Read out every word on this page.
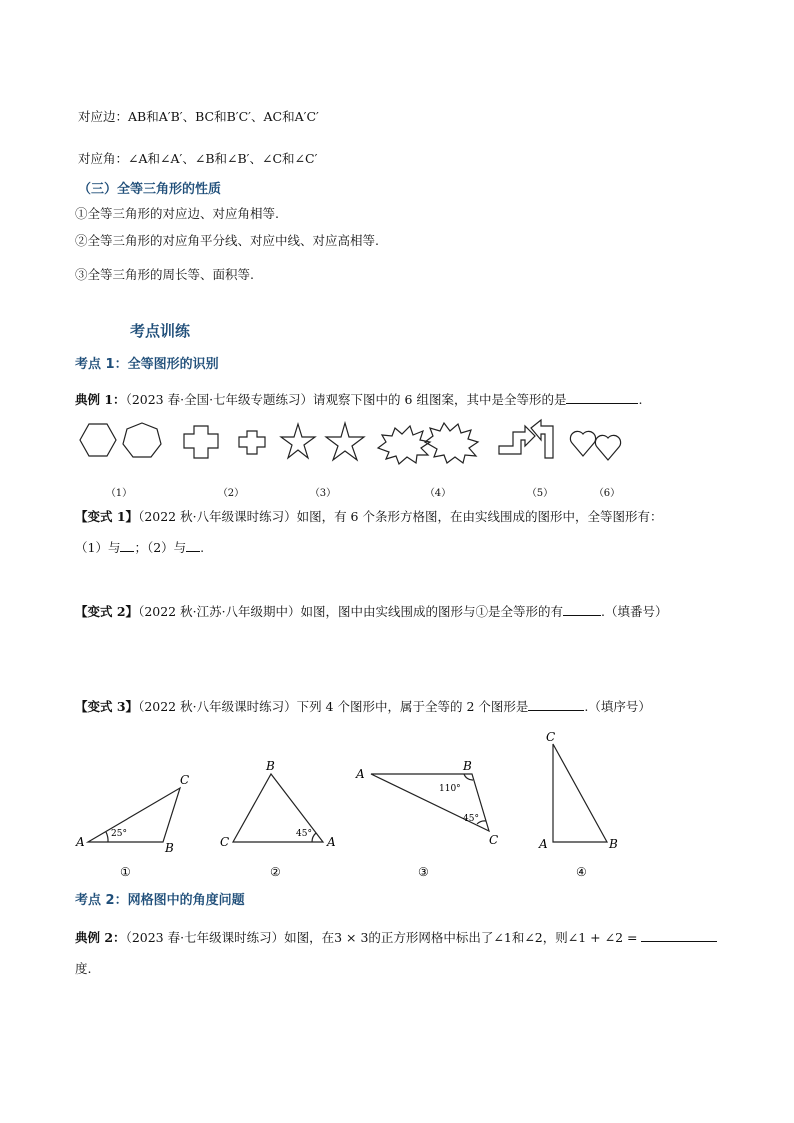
对应边：AB和A′B′、BC和B′C′、AC和A′C′
对应角：∠A和∠A′、∠B和∠B′、∠C和∠C′
（三）全等三角形的性质
①全等三角形的对应边、对应角相等.
②全等三角形的对应角平分线、对应中线、对应高相等.
③全等三角形的周长等、面积等.
考点训练
考点 1：全等图形的识别
典例 1：（2023 春·全国·七年级专题练习）请观察下图中的 6 组图案，其中是全等形的是	.
（1）	（2）	（3）	（4）	（5）	（6）
【变式 1】（2022 秋·八年级课时练习）如图，有 6 个条形方格图，在由实线围成的图形中，全等图形有：
（1）与 ；（2）与 .
【变式 2】（2022 秋·江苏·八年级期中）如图，图中由实线围成的图形与①是全等形的有	.（填番号）
【变式 3】（2022 秋·八年级课时练习）下列 4 个图形中，属于全等的 2 个图形是	.（填序号）
A
C
B
25°
C
B
A
45°
A
B
C
110°
45°
C
A	B
①	②	③	④
考点 2：网格图中的角度问题
典例 2：（2023 春·七年级课时练习）如图，在3 × 3的正方形网格中标出了∠1和∠2，则∠1 + ∠2 =
度.
